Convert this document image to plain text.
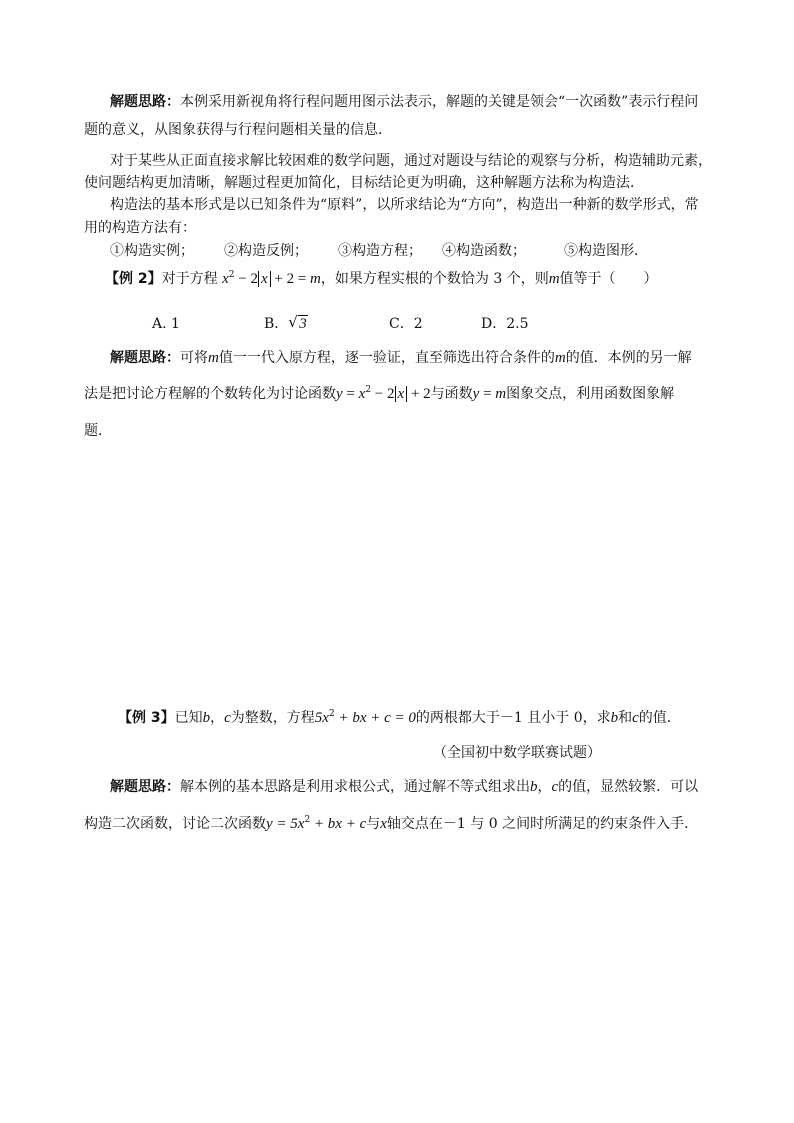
解题思路：本例采用新视角将行程问题用图示法表示，解题的关键是领会“一次函数”表示行程问
题的意义，从图象获得与行程问题相关量的信息．
对于某些从正面直接求解比较困难的数学问题，通过对题设与结论的观察与分析，构造辅助元素，
使问题结构更加清晰，解题过程更加简化，目标结论更为明确，这种解题方法称为构造法．
构造法的基本形式是以已知条件为“原料”，以所求结论为“方向”，构造出一种新的数学形式，常
用的构造方法有：
①构造实例； ②构造反例； ③构造方程； ④构造函数；	⑤构造图形．
【例 2】对于方程 $x^2 - 2$ x + 2 = m，如果方程实根的个数恰为 3 个，则m值等于（　　）
A. 1	B． √ 3	C．2	D．2.5
解题思路：可将m值一一代入原方程，逐一验证，直至筛选出符合条件的m的值．本例的另一解
法是把讨论方程解的个数转化为讨论函数$y = x^2 - 2$ x + 2与函数y = m图象交点，利用函数图象解
题．
【例 3】已知b，c为整数，方程$5x^2$ + bx + c = 0的两根都大于－1 且小于 0，求b和c的值．
（全国初中数学联赛试题）
解题思路：解本例的基本思路是利用求根公式，通过解不等式组求出b，c的值，显然较繁．可以
构造二次函数，讨论二次函数$y = 5x^2$ + bx + c与x轴交点在－1 与 0 之间时所满足的约束条件入手．
